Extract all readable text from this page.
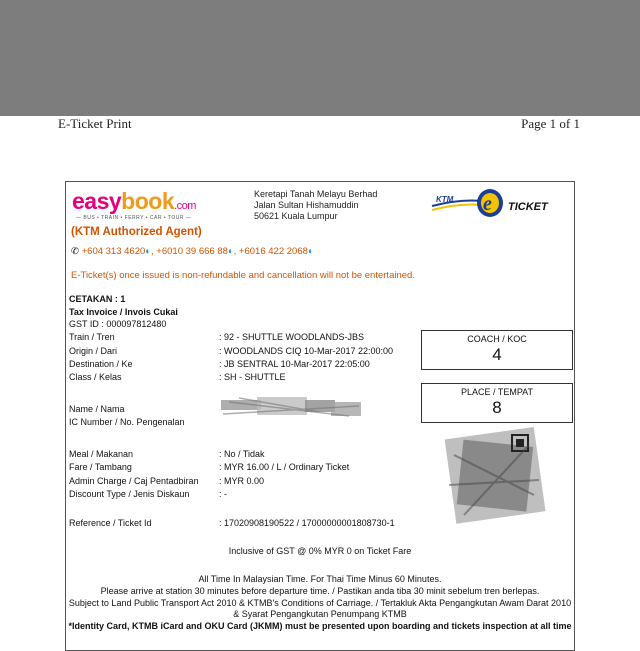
E-Ticket Print	Page 1 of 1
easybook.com
— BUS • TRAIN • FERRY • CAR • TOUR —
Keretapi Tanah Melayu Berhad
Jalan Sultan Hishamuddin
50621 Kuala Lumpur
KTM e TICKET
(KTM Authorized Agent)
✆ +604 313 4620◐, +6010 39 666 88◐, +6016 422 2068◐
E-Ticket(s) once issued is non-refundable and cancellation will not be entertained.
CETAKAN : 1
Tax Invoice / Invois Cukai
GST ID : 000097812480
Train / Tren	: 92 - SHUTTLE WOODLANDS-JBS
Origin / Dari	: WOODLANDS CIQ 10-Mar-2017 22:00:00
Destination / Ke	: JB SENTRAL 10-Mar-2017 22:05:00
Class / Kelas	: SH - SHUTTLE
COACH / KOC
4
PLACE / TEMPAT
8
Name / Nama
IC Number / No. Pengenalan
Meal / Makanan	: No / Tidak
Fare / Tambang	: MYR 16.00 / L / Ordinary Ticket
Admin Charge / Caj Pentadbiran : MYR 0.00
Discount Type / Jenis Diskaun	: -
Reference / Ticket Id	: 17020908190522 / 17000000001808730-1
Inclusive of GST @ 0% MYR 0 on Ticket Fare
All Time In Malaysian Time. For Thai Time Minus 60 Minutes.
Please arrive at station 30 minutes before departure time. / Pastikan anda tiba 30 minit sebelum tren berlepas.
Subject to Land Public Transport Act 2010 & KTMB's Conditions of Carriage. / Tertakluk Akta Pengangkutan Awam Darat 2010
& Syarat Pengangkutan Penumpang KTMB
*Identity Card, KTMB iCard and OKU Card (JKMM) must be presented upon boarding and tickets inspection at all time
